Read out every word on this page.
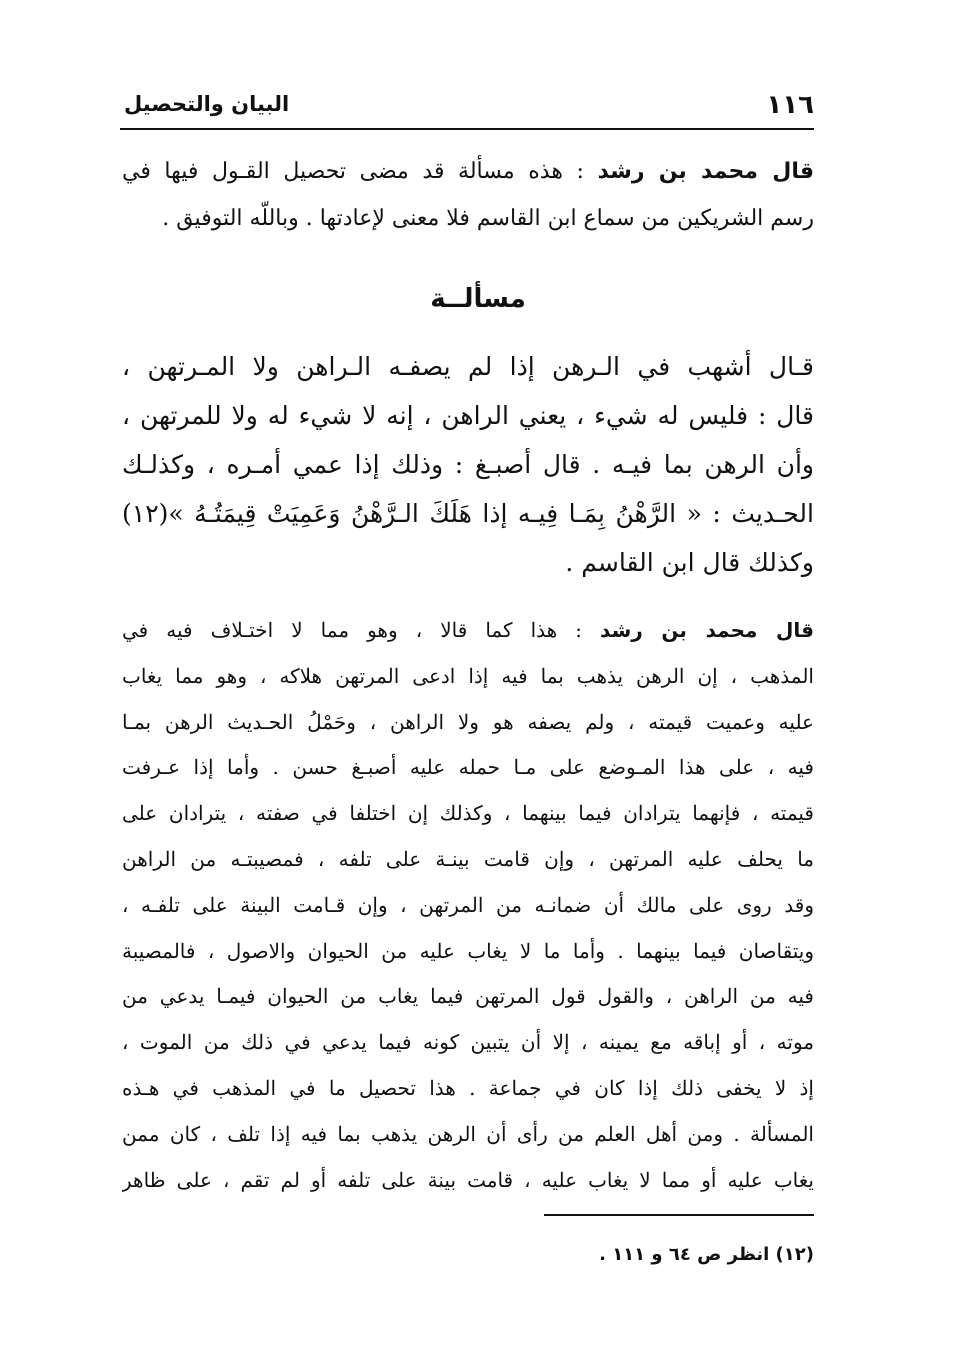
١١٦
البيان والتحصيل
قال محمد بن رشد : هذه مسألة قد مضى تحصيل القـول فيها في
رسم الشريكين من سماع ابن القاسم فلا معنى لإعادتها . وباللّه التوفيق .
مسألــة
قـال أشهب في الـرهن إذا لم يصفـه الـراهن ولا المـرتهن ،
قال : فليس له شيء ، يعني الراهن ، إنه لا شيء له ولا للمرتهن ،
وأن الرهن بما فيـه . قال أصبـغ : وذلك إذا عمي أمـره ، وكذلـك
الحـديث : « الرَّهْنُ بِمَـا فِيـه إذا هَلَكَ الـرَّهْنُ وَعَمِيَتْ قِيمَتُـهُ »(١٢)
وكذلك قال ابن القاسم .
قال محمد بن رشد : هذا كما قالا ، وهو مما لا اختـلاف فيه في
المذهب ، إن الرهن يذهب بما فيه إذا ادعى المرتهن هلاكه ، وهو مما يغاب
عليه وعميت قيمته ، ولم يصفه هو ولا الراهن ، وحَمْلُ الحـديث الرهن بمـا
فيه ، على هذا المـوضع على مـا حمله عليه أصبـغ حسن . وأما إذا عـرفت
قيمته ، فإنهما يترادان فيما بينهما ، وكذلك إن اختلفا في صفته ، يترادان على
ما يحلف عليه المرتهن ، وإن قامت بينـة على تلفه ، فمصيبتـه من الراهن
وقد روى على مالك أن ضمانـه من المرتهن ، وإن قـامت البينة على تلفـه ،
ويتقاصان فيما بينهما . وأما ما لا يغاب عليه من الحيوان والاصول ، فالمصيبة
فيه من الراهن ، والقول قول المرتهن فيما يغاب من الحيوان فيمـا يدعي من
موته ، أو إباقه مع يمينه ، إلا أن يتبين كونه فيما يدعي في ذلك من الموت ،
إذ لا يخفى ذلك إذا كان في جماعة . هذا تحصيل ما في المذهب في هـذه
المسألة . ومن أهل العلم من رأى أن الرهن يذهب بما فيه إذا تلف ، كان ممن
يغاب عليه أو مما لا يغاب عليه ، قامت بينة على تلفه أو لم تقم ، على ظاهر
(١٢) انظر ص ٦٤ و ١١١ .
